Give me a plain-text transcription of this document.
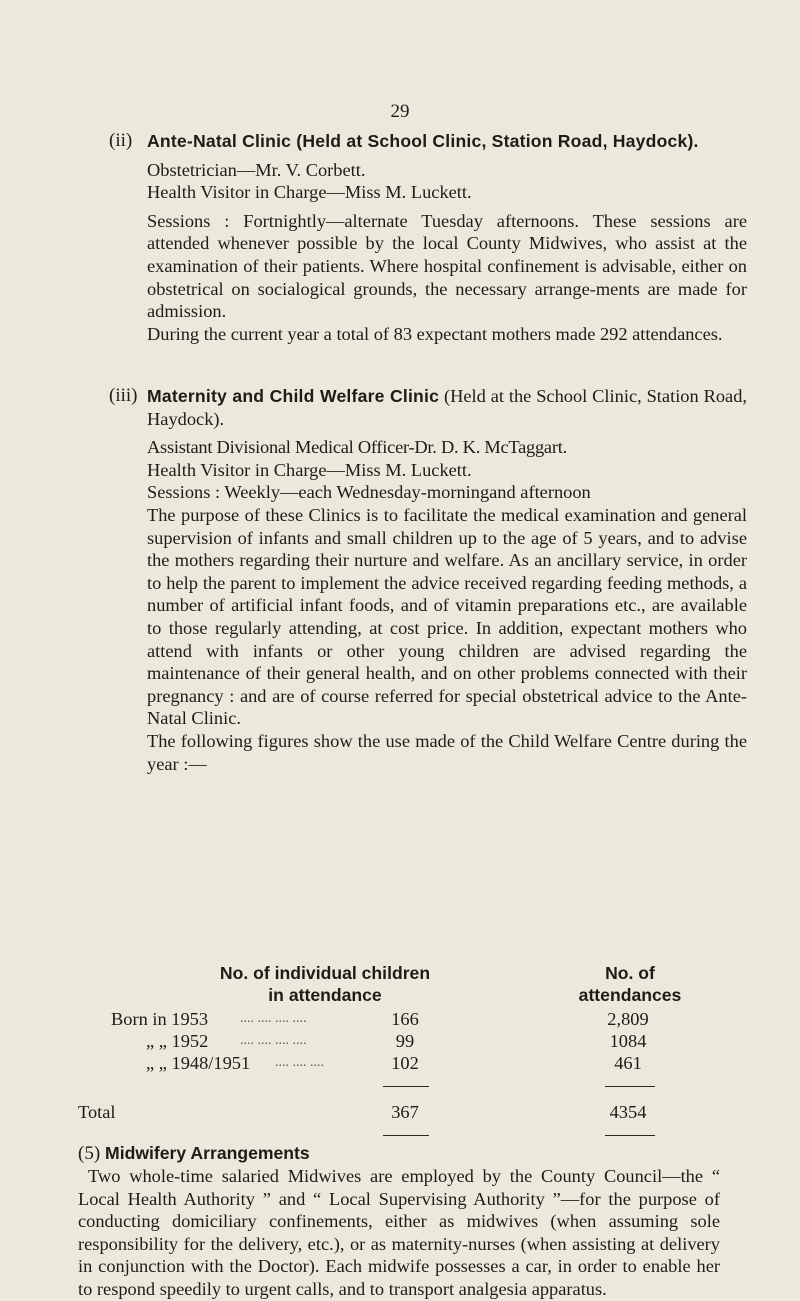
29
(ii) Ante-Natal Clinic (Held at School Clinic, Station Road, Haydock).

Obstetrician—Mr. V. Corbett.

Health Visitor in Charge—Miss M. Luckett.

Sessions : Fortnightly—alternate Tuesday afternoons. These sessions are attended whenever possible by the local County Midwives, who assist at the examination of their patients. Where hospital confinement is advisable, either on obstetrical on socialogical grounds, the necessary arrange-ments are made for admission.

During the current year a total of 83 expectant mothers made 292 attendances.

(iii) Maternity and Child Welfare Clinic (Held at the School Clinic, Station Road, Haydock).

Assistant Divisional Medical Officer-Dr. D. K. McTaggart.

Health Visitor in Charge—Miss M. Luckett.

Sessions : Weekly—each Wednesday-morningand afternoon

The purpose of these Clinics is to facilitate the medical examination and general supervision of infants and small children up to the age of 5 years, and to advise the mothers regarding their nurture and welfare. As an ancillary service, in order to help the parent to implement the advice received regarding feeding methods, a number of artificial infant foods, and of vitamin preparations etc., are available to those regularly attending, at cost price. In addition, expectant mothers who attend with infants or other young children are advised regarding the maintenance of their general health, and on other problems connected with their pregnancy : and are of course referred for special obstetrical advice to the Ante-Natal Clinic.

The following figures show the use made of the Child Welfare Centre during the year :—

No. of individual children
in attendance
No. of
attendances
Born in 1953 .... .... .... ....	166	2,809
„ „ 1952 .... .... .... ....	99	1084
„ „ 1948/1951 .... .... ....	102	461
Total	367	4354
(5) Midwifery Arrangements

Two whole-time salaried Midwives are employed by the County Council—the “ Local Health Authority ” and “ Local Supervising Authority ”—for the purpose of conducting domiciliary confinements, either as midwives (when assuming sole responsibility for the delivery, etc.), or as maternity-nurses (when assisting at delivery in conjunction with the Doctor). Each midwife possesses a car, in order to enable her to respond speedily to urgent calls, and to transport analgesia apparatus.
